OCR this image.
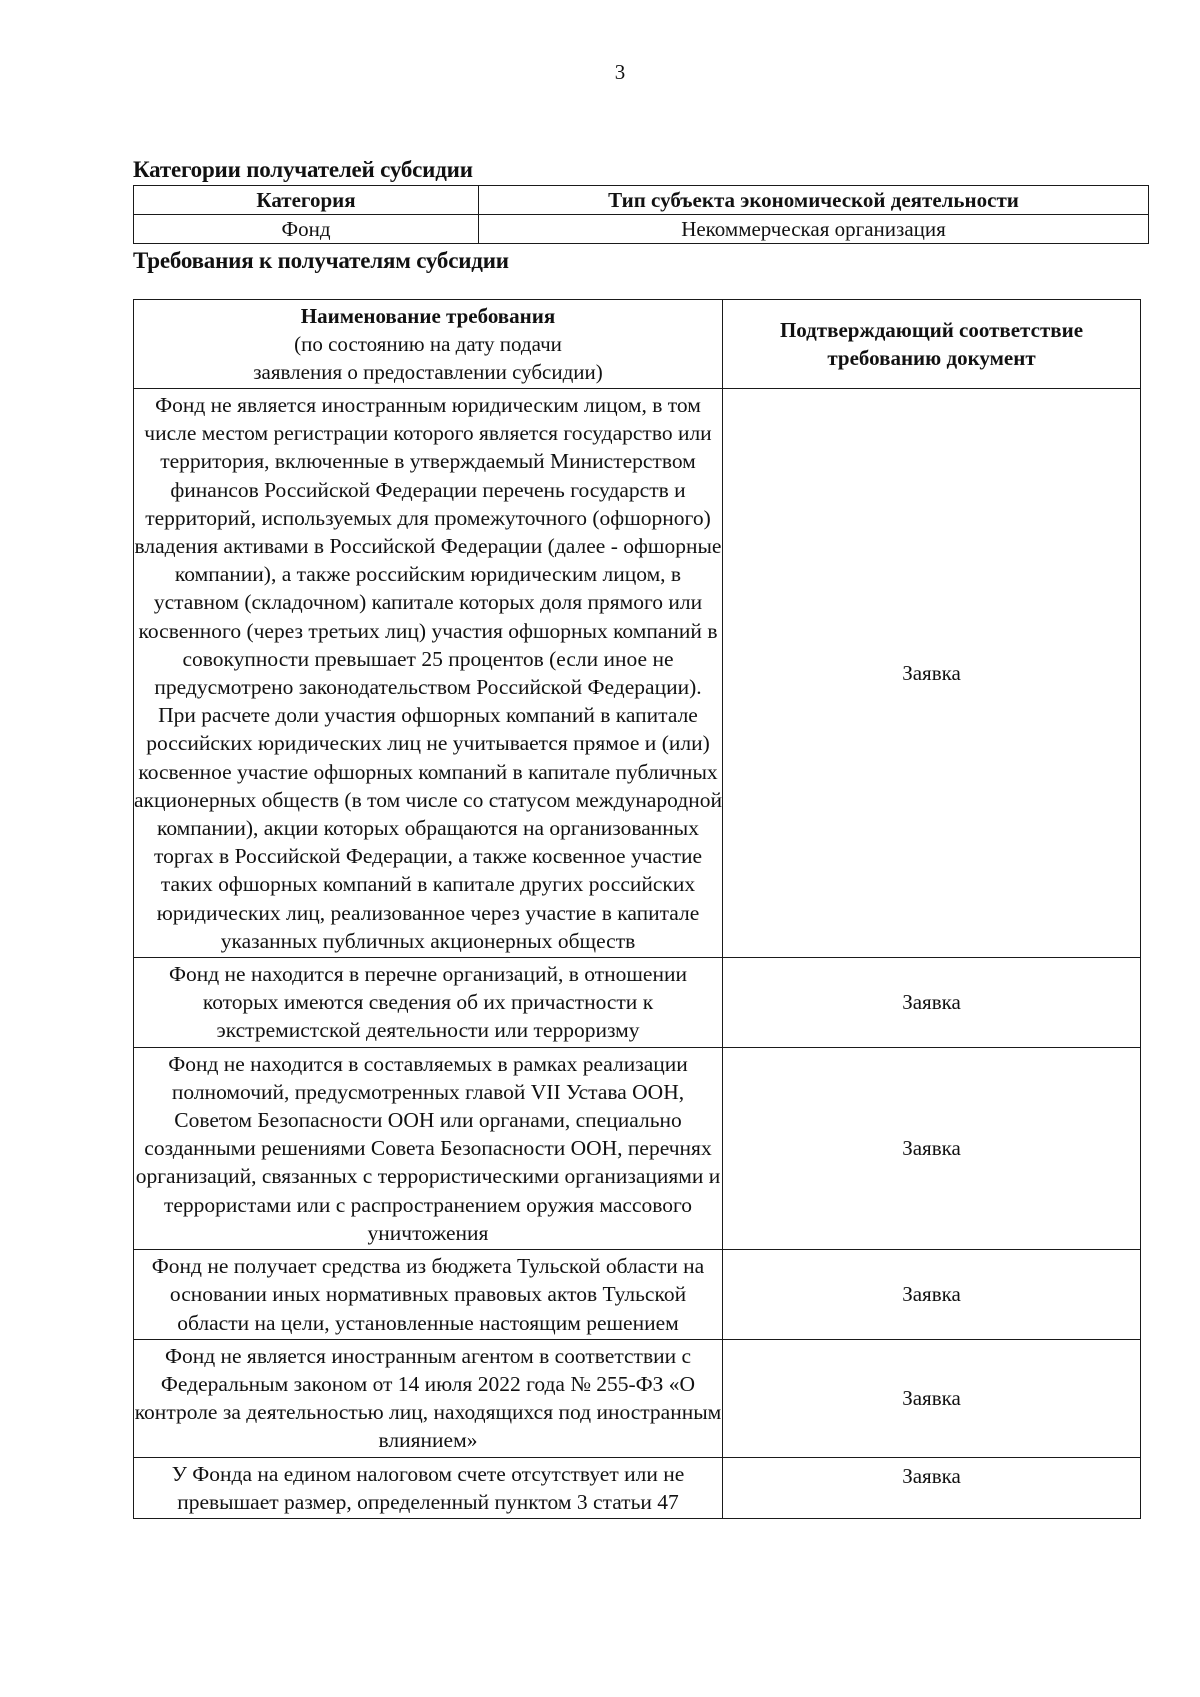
3
Категории получателей субсидии
Категория	Тип субъекта экономической деятельности
Фонд	Некоммерческая организация
Требования к получателям субсидии
Наименование требования
(по состоянию на дату подачи
заявления о предоставлении субсидии)	Подтверждающий соответствие требованию документ

Фонд не является иностранным юридическим лицом, в том числе местом регистрации которого является государство или территория, включенные в утверждаемый Министерством финансов Российской Федерации перечень государств и территорий, используемых для промежуточного (офшорного) владения активами в Российской Федерации (далее - офшорные компании), а также российским юридическим лицом, в уставном (складочном) капитале которых доля прямого или косвенного (через третьих лиц) участия офшорных компаний в совокупности превышает 25 процентов (если иное не предусмотрено законодательством Российской Федерации). При расчете доли участия офшорных компаний в капитале российских юридических лиц не учитывается прямое и (или) косвенное участие офшорных компаний в капитале публичных акционерных обществ (в том числе со статусом международной компании), акции которых обращаются на организованных торгах в Российской Федерации, а также косвенное участие таких офшорных компаний в капитале других российских юридических лиц, реализованное через участие в капитале указанных публичных акционерных обществ	Заявка
Фонд не находится в перечне организаций, в отношении которых имеются сведения об их причастности к экстремистской деятельности или терроризму	Заявка
Фонд не находится в составляемых в рамках реализации полномочий, предусмотренных главой VII Устава ООН, Советом Безопасности ООН или органами, специально созданными решениями Совета Безопасности ООН, перечнях организаций, связанных с террористическими организациями и террористами или с распространением оружия массового уничтожения	Заявка
Фонд не получает средства из бюджета Тульской области на основании иных нормативных правовых актов Тульской области на цели, установленные настоящим решением	Заявка
Фонд не является иностранным агентом в соответствии с Федеральным законом от 14 июля 2022 года № 255-ФЗ «О контроле за деятельностью лиц, находящихся под иностранным влиянием»	Заявка
У Фонда на едином налоговом счете отсутствует или не превышает размер, определенный пунктом 3 статьи 47	Заявка
